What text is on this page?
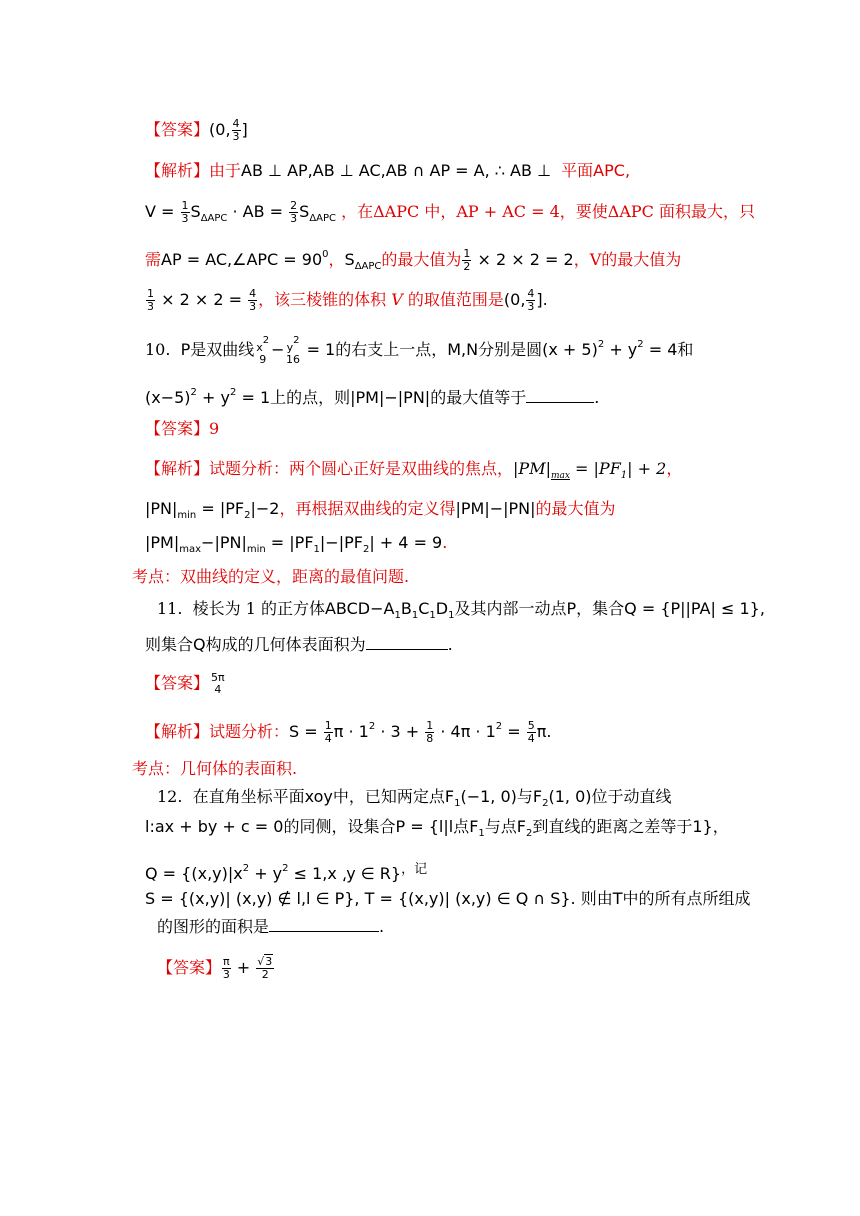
【答案】(0, $\frac{4}{3}$ ]
【解析】由于AB ⊥ AP,AB ⊥ AC,AB ∩ AP = A, ∴ AB ⊥ 平面APC,
$V = \frac{1}{3} S_{\Delta APC}$ · AB = $\frac{2}{3} S_{\Delta APC}$ ，在ΔAPC 中，AP + AC = 4，要使ΔAPC 面积最大，只
需AP = AC,∠APC = $90^0$，$S_{\Delta APC}$的最大值为 $\frac{1}{2} \times 2 \times 2 = 2$，V的最大值为
$\frac{1}{3} \times 2 \times 2 = \frac{4}{3}$ ，该三棱锥的体积 V 的取值范围是(0, $\frac{4}{3}$ ].
10. P是双曲线 $x^2$
9
− $y^2$
16
= 1的右支上一点，M,N分别是圆$(x + 5)^2 + y^2 = 4$和
$(x-5)^2 + y^2 = 1$上的点，则|PM|−|PN|的最大值等于	.
【答案】9
【解析】试题分析：两个圆心正好是双曲线的焦点，$|PM|_{max} = |PF_1| + 2$，
$|PN|_{min} = |PF_2|-2$，再根据双曲线的定义得|PM|−|PN|的最大值为
$|PM|_{max}-|PN|_{min} = |PF_1|-|PF_2| + 4 = 9$.
考点：双曲线的定义，距离的最值问题.
11. 棱长为 1 的正方体$ABCD-A_1B_1C_1D_1$及其内部一动点P，集合Q = {P||PA| ≤ 1},
则集合Q构成的几何体表面积为	.
【答案】 5π
4
【解析】试题分析：$S = \frac{1}{4}$ $\pi \cdot 1^2 \cdot 3 + \frac{1}{8} \cdot 4\pi \cdot 1^2 = \frac{5}{4} \pi$.
考点：几何体的表面积.
12. 在直角坐标平面xoy中，已知两定点$F_1(-1$, 0)与$F_2(1$, 0)位于动直线
l:ax + by + c = 0的同侧，设集合P = {l|l点$F_1$与点$F_2$到直线的距离之差等于1}，
$Q = \{(x,y)|x^2 + y^2 \le 1,x$ ⸲y ∈ R}$^{,记}$
S = {(x,y)| (x,y) ∉ l,l ∈ P}, T = {(x,y)| (x,y) ∈ Q ∩ S}. 则由T中的所有点所组成
的图形的面积是	.
【答案】 $\frac{\pi}{3} + \frac{√3}{2}$
